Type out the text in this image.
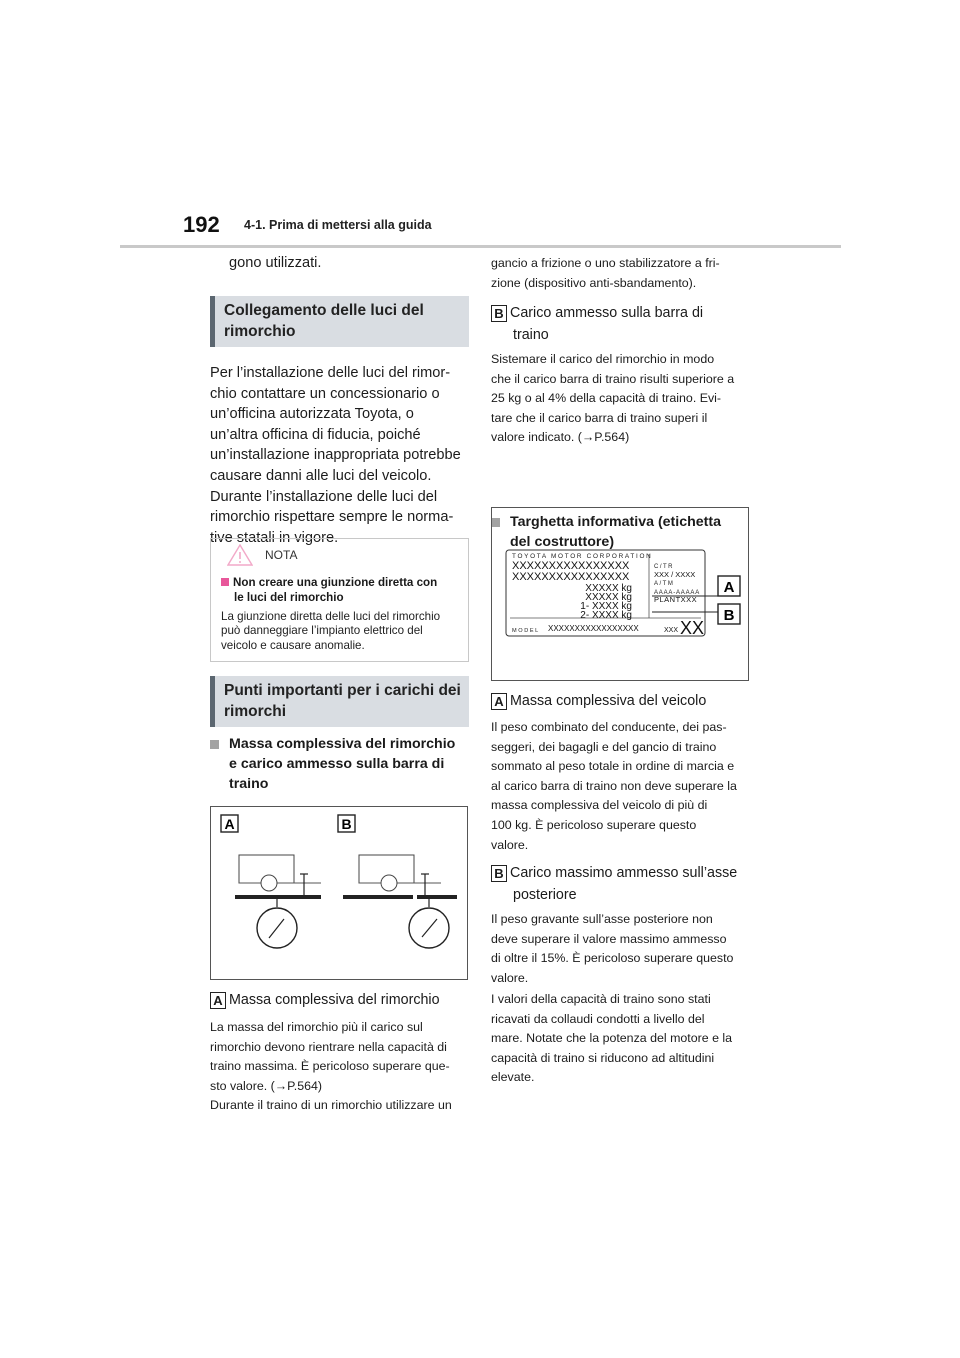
192 4-1. Prima di mettersi alla guida
gono utilizzati.
Collegamento delle luci del rimorchio
Per l’installazione delle luci del rimor-
chio contattare un concessionario o
un’officina autorizzata Toyota, o
un’altra officina di fiducia, poiché
un’installazione inappropriata potrebbe
causare danni alle luci del veicolo.
Durante l’installazione delle luci del
rimorchio rispettare sempre le norma-
tive statali in vigore.
NOTA
Non creare una giunzione diretta con
le luci del rimorchio
La giunzione diretta delle luci del rimorchio
può danneggiare l’impianto elettrico del
veicolo e causare anomalie.
Punti importanti per i carichi dei rimorchi
Massa complessiva del rimorchio
e carico ammesso sulla barra di
traino
A	B
A Massa complessiva del rimorchio
La massa del rimorchio più il carico sul
rimorchio devono rientrare nella capacità di
traino massima. È pericoloso superare que-
sto valore. (→P.564)
Durante il traino di un rimorchio utilizzare un
gancio a frizione o uno stabilizzatore a fri-
zione (dispositivo anti-sbandamento).
B Carico ammesso sulla barra di
traino
Sistemare il carico del rimorchio in modo
che il carico barra di traino risulti superiore a
25 kg o al 4% della capacità di traino. Evi-
tare che il carico barra di traino superi il
valore indicato. (→P.564)
Targhetta informativa (etichetta
del costruttore)
TOYOTA MOTOR CORPORATION
XXXXXXXXXXXXXXXX
XXXXXXXXXXXXXXXX
XXXXX kg
XXXXX kg
1- XXXX kg
2- XXXX kg
C/TR
XXX / XXXX
A/TM
AAAA-AAAAA
PLANTXXX
MODEL XXXXXXXXXXXXXXXXX	XXX XX
A
B
A Massa complessiva del veicolo
Il peso combinato del conducente, dei pas-
seggeri, dei bagagli e del gancio di traino
sommato al peso totale in ordine di marcia e
al carico barra di traino non deve superare la
massa complessiva del veicolo di più di
100 kg. È pericoloso superare questo
valore.
B Carico massimo ammesso sull’asse
posteriore
Il peso gravante sull’asse posteriore non
deve superare il valore massimo ammesso
di oltre il 15%. È pericoloso superare questo
valore.
I valori della capacità di traino sono stati
ricavati da collaudi condotti a livello del
mare. Notate che la potenza del motore e la
capacità di traino si riducono ad altitudini
elevate.
